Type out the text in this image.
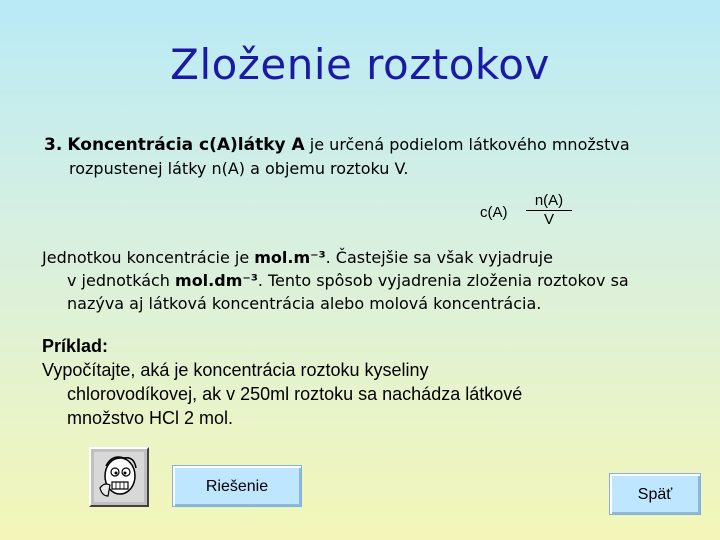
Zloženie roztokov
3. Koncentrácia c(A)látky A je určená podielom látkového množstva
rozpustenej látky n(A) a objemu roztoku V.
$c(A) \frac{n(A)}{V}$
Jednotkou koncentrácie je mol.m⁻³. Častejšie sa však vyjadruje
v jednotkách mol.dm⁻³. Tento spôsob vyjadrenia zloženia roztokov sa
nazýva aj látková koncentrácia alebo molová koncentrácia.
Príklad:
Vypočítajte, aká je koncentrácia roztoku kyseliny
chlorovodíkovej, ak v 250ml roztoku sa nachádza látkové
množstvo HCl 2 mol.
Riešenie	Späť
